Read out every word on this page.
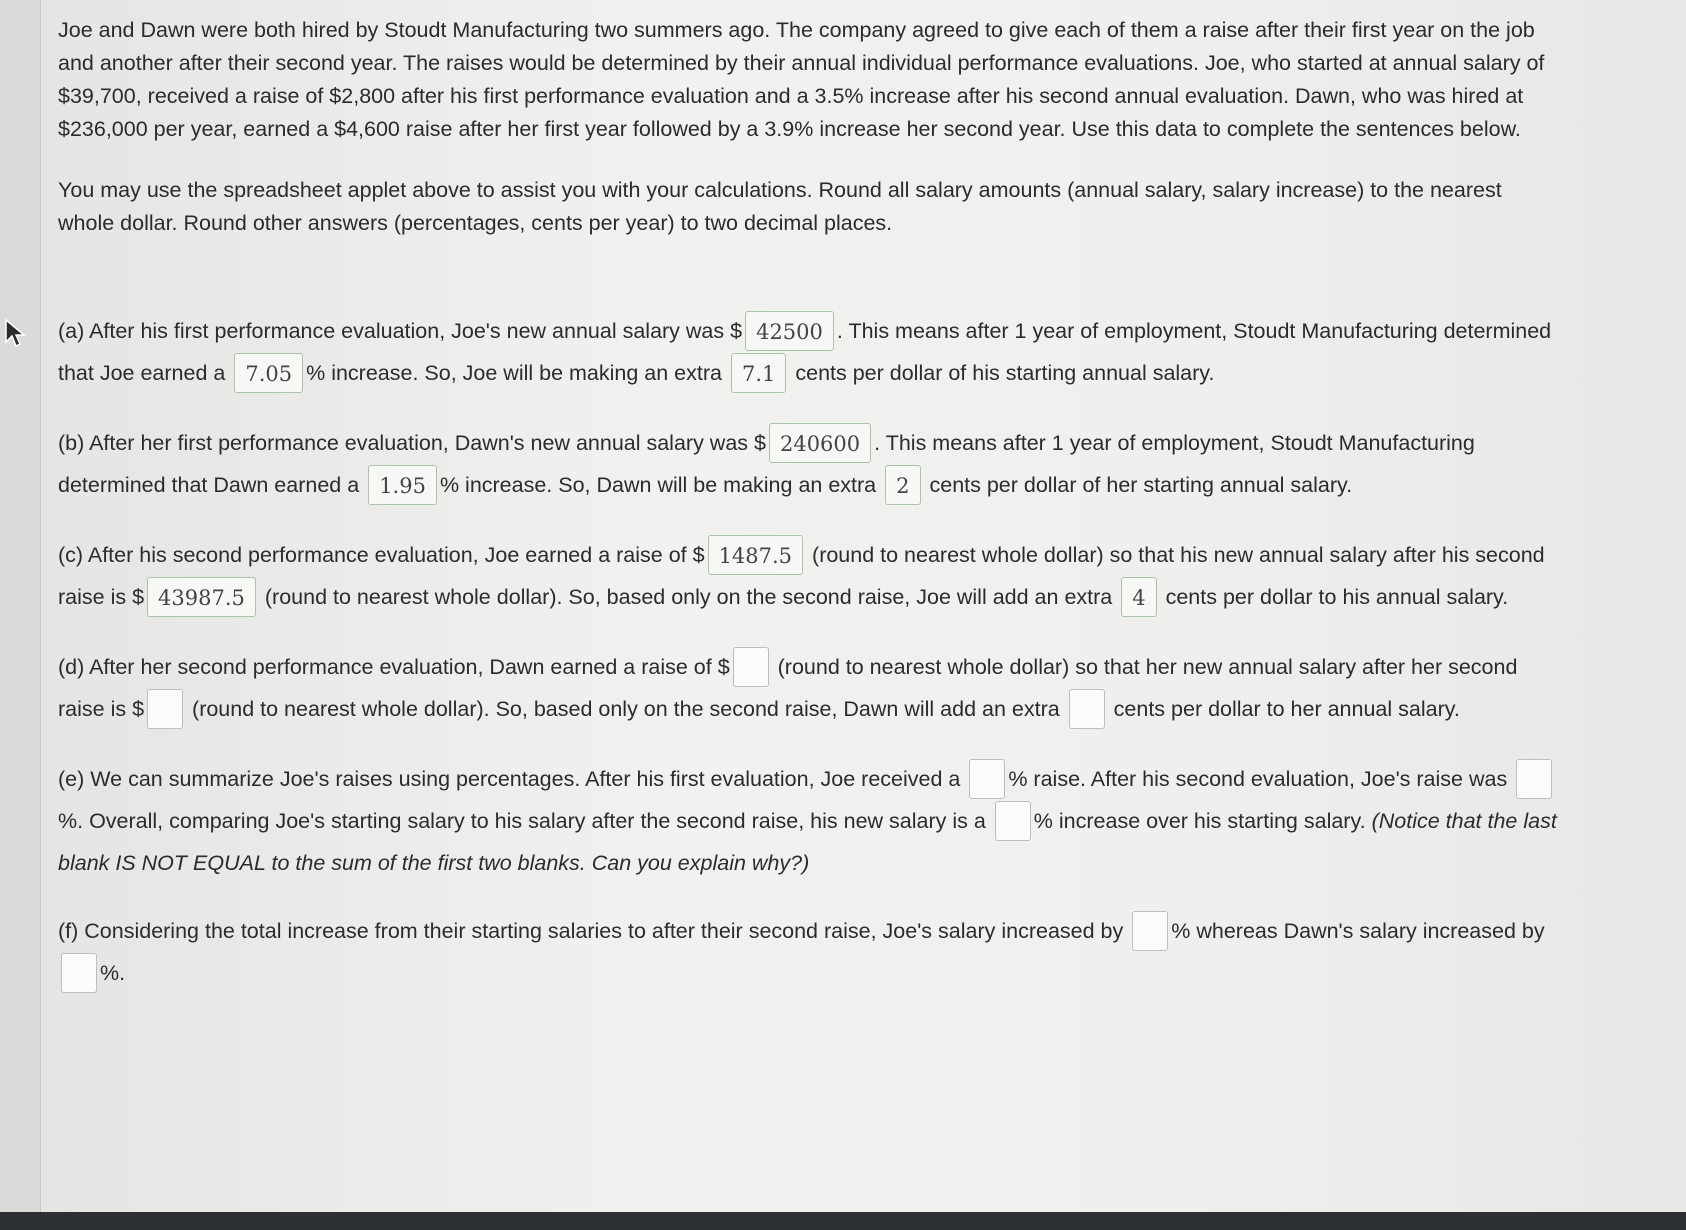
Joe and Dawn were both hired by Stoudt Manufacturing two summers ago. The company agreed to give each of them a raise after their first year on the job and another after their second year. The raises would be determined by their annual individual performance evaluations. Joe, who started at annual salary of $39,700, received a raise of $2,800 after his first performance evaluation and a 3.5% increase after his second annual evaluation. Dawn, who was hired at $236,000 per year, earned a $4,600 raise after her first year followed by a 3.9% increase her second year. Use this data to complete the sentences below.

You may use the spreadsheet applet above to assist you with your calculations. Round all salary amounts (annual salary, salary increase) to the nearest whole dollar. Round other answers (percentages, cents per year) to two decimal places.

(a) After his first performance evaluation, Joe's new annual salary was $ 42500 . This means after 1 year of employment, Stoudt Manufacturing determined that Joe earned a 7.05 % increase. So, Joe will be making an extra 7.1 cents per dollar of his starting annual salary.

(b) After her first performance evaluation, Dawn's new annual salary was $ 240600 . This means after 1 year of employment, Stoudt Manufacturing determined that Dawn earned a 1.95 % increase. So, Dawn will be making an extra 2 cents per dollar of her starting annual salary.

(c) After his second performance evaluation, Joe earned a raise of $ 1487.5 (round to nearest whole dollar) so that his new annual salary after his second raise is $ 43987.5 (round to nearest whole dollar). So, based only on the second raise, Joe will add an extra 4 cents per dollar to his annual salary.

(d) After her second performance evaluation, Dawn earned a raise of $ (round to nearest whole dollar) so that her new annual salary after her second raise is $ (round to nearest whole dollar). So, based only on the second raise, Dawn will add an extra	cents per dollar to her annual salary.

(e) We can summarize Joe's raises using percentages. After his first evaluation, Joe received a % raise. After his second evaluation, Joe's raise was %. Overall, comparing Joe's starting salary to his salary after the second raise, his new salary is a % increase over his starting salary. (Notice that the last blank IS NOT EQUAL to the sum of the first two blanks. Can you explain why?)

(f) Considering the total increase from their starting salaries to after their second raise, Joe's salary increased by % whereas Dawn's salary increased by %.
